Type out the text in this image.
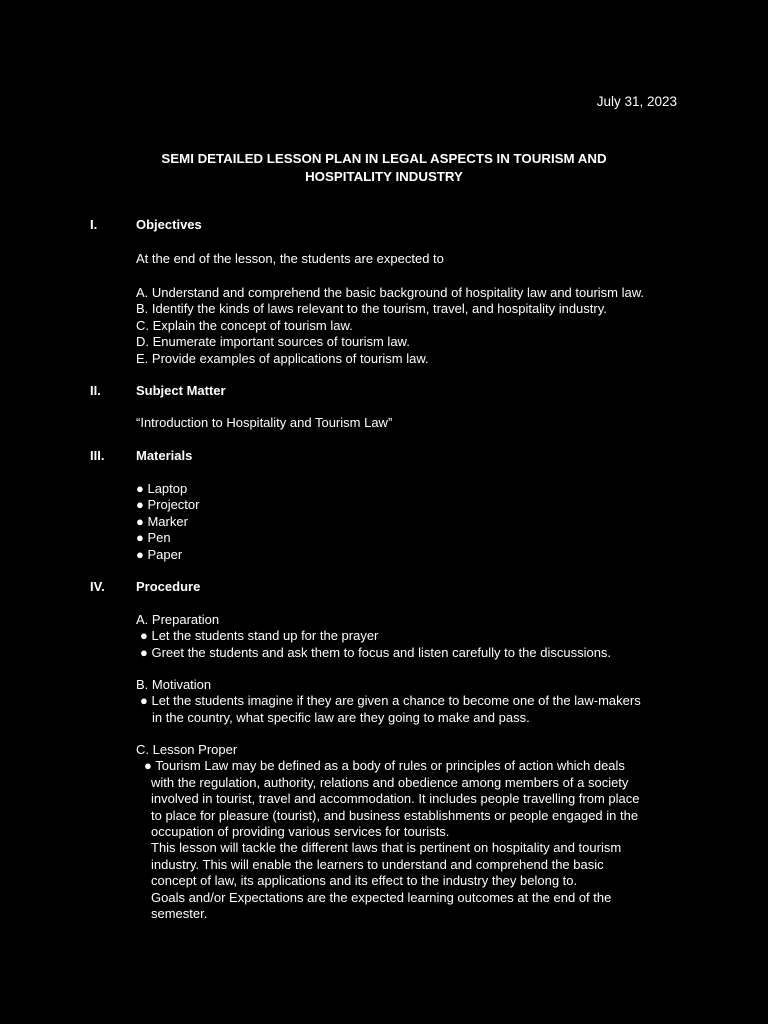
July 31, 2023
SEMI DETAILED LESSON PLAN IN LEGAL ASPECTS IN TOURISM AND
HOSPITALITY INDUSTRY
I.	Objectives
At the end of the lesson, the students are expected to
A. Understand and comprehend the basic background of hospitality law and tourism law.
B. Identify the kinds of laws relevant to the tourism, travel, and hospitality industry.
C. Explain the concept of tourism law.
D. Enumerate important sources of tourism law.
E. Provide examples of applications of tourism law.
II.	Subject Matter
“Introduction to Hospitality and Tourism Law”
III. Materials
● Laptop
● Projector
● Marker
● Pen
● Paper
IV. Procedure
A. Preparation
● Let the students stand up for the prayer
● Greet the students and ask them to focus and listen carefully to the discussions.
B. Motivation
● Let the students imagine if they are given a chance to become one of the law-makers
in the country, what specific law are they going to make and pass.
C. Lesson Proper
● Tourism Law may be defined as a body of rules or principles of action which deals
with the regulation, authority, relations and obedience among members of a society
involved in tourist, travel and accommodation. It includes people travelling from place
to place for pleasure (tourist), and business establishments or people engaged in the
occupation of providing various services for tourists.
This lesson will tackle the different laws that is pertinent on hospitality and tourism
industry. This will enable the learners to understand and comprehend the basic
concept of law, its applications and its effect to the industry they belong to.
Goals and/or Expectations are the expected learning outcomes at the end of the
semester.
